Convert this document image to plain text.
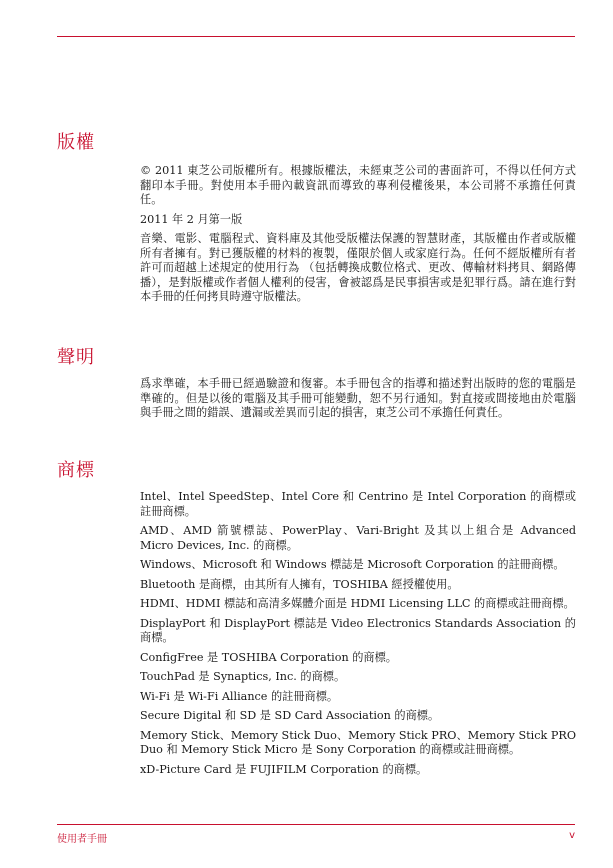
版權

© 2011 東芝公司版權所有。根據版權法，未經東芝公司的書面許可，不得以任何方式翻印本手冊。對使用本手冊內載資訊而導致的專利侵權後果，本公司將不承擔任何責任。

2011 年 2 月第一版

音樂、電影、電腦程式、資料庫及其他受版權法保護的智慧財產，其版權由作者或版權所有者擁有。對已獲版權的材料的複製，僅限於個人或家庭行為。任何不經版權所有者許可而超越上述規定的使用行為 （包括轉換成數位格式、更改、傳輸材料拷貝、網路傳播），是對版權或作者個人權利的侵害，會被認爲是民事損害或是犯罪行爲。請在進行對本手冊的任何拷貝時遵守版權法。

聲明

爲求準確，本手冊已經過驗證和復審。本手冊包含的指導和描述對出版時的您的電腦是準確的。但是以後的電腦及其手冊可能變動，恕不另行通知。對直接或間接地由於電腦與手冊之間的錯誤、遺漏或差異而引起的損害，東芝公司不承擔任何責任。

商標

Intel、Intel SpeedStep、Intel Core 和 Centrino 是 Intel Corporation 的商標或註冊商標。

AMD、AMD 箭號標誌、PowerPlay、Vari-Bright 及其以上組合是 Advanced Micro Devices, Inc. 的商標。

Windows、Microsoft 和 Windows 標誌是 Microsoft Corporation 的註冊商標。

Bluetooth 是商標，由其所有人擁有，TOSHIBA 經授權使用。

HDMI、HDMI 標誌和高清多媒體介面是 HDMI Licensing LLC 的商標或註冊商標。

DisplayPort 和 DisplayPort 標誌是 Video Electronics Standards Association 的商標。

ConfigFree 是 TOSHIBA Corporation 的商標。

TouchPad 是 Synaptics, Inc. 的商標。

Wi-Fi 是 Wi-Fi Alliance 的註冊商標。

Secure Digital 和 SD 是 SD Card Association 的商標。

Memory Stick、Memory Stick Duo、Memory Stick PRO、Memory Stick PRO Duo 和 Memory Stick Micro 是 Sony Corporation 的商標或註冊商標。

xD-Picture Card 是 FUJIFILM Corporation 的商標。

使用者手冊	v
